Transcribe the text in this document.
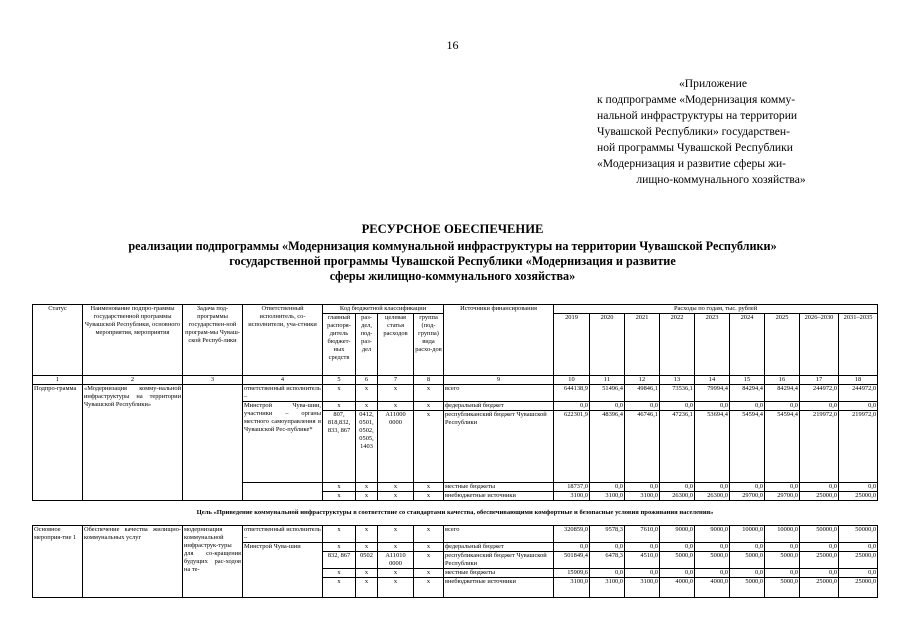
16
«Приложение
к подпрограмме «Модернизация комму-
нальной инфраструктуры на территории
Чувашской Республики» государствен-
ной программы Чувашской Республики
«Модернизация и развитие сферы жи-
лищно-коммунального хозяйства»
РЕСУРСНОЕ ОБЕСПЕЧЕНИЕ
реализации подпрограммы «Модернизация коммунальной инфраструктуры на территории Чувашской Республики»
государственной программы Чувашской Республики «Модернизация и развитие
сферы жилищно-коммунального хозяйства»
Статус	Наименование подпро-граммы государственной программы Чувашской Республики, основного мероприятия, мероприятия	Задача под-программы государствен-ной програм-мы Чуваш-ской Респуб-лики	Ответственный исполнитель, со-исполнители, уча-стники	Код бюджетной классификации				Источники финансирования	Расходы по годам, тыс. рублей								
				главный распоря-дитель бюджет-ных средств	раз-дел, под-раз-дел	целевая статья расходов	группа (под-группа) вида расхо-дов		2019	2020	2021	2022	2023	2024	2025	2026–2030	2031–2035
1	2	3	4	5	6	7	8	9	10	11	12	13	14	15	16	17	18
Подпро-грамма	«Модернизация комму-нальной инфраструктуры на территории Чувашской Республики»		ответственный исполнитель –	x	x	x	x	всего	644138,9	51496,4	49846,1	73536,1	79994,4	84294,4	84294,4	244972,0	244972,0
			Минстрой Чува-шии, участники – органы местного самоуправления в Чувашской Рес-публике*	x	x	x	x	федеральный бюджет	0,0	0,0	0,0	0,0	0,0	0,0	0,0	0,0	0,0
				807, 818,832, 833, 867	0412, 0501, 0502, 0505, 1403	A11000 0000	x	республиканский бюджет Чувашской Республики	622301,9	48396,4	46746,1	47236,1	53694,4	54594,4	54594,4	219972,0	219972,0
				x	x	x	x	местные бюджеты	18737,0	0,0	0,0	0,0	0,0	0,0	0,0	0,0	0,0
				x	x	x	x	внебюджетные источники	3100,0	3100,0	3100,0	26300,0	26300,0	29700,0	29700,0	25000,0	25000,0
Цель «Приведение коммунальной инфраструктуры в соответствие со стандартами качества, обеспечивающими комфортные и безопасные условия проживания населения»																	
Основное мероприя-тие 1	Обеспечение качества жилищно-коммунальных услуг	модернизация коммунальной инфраструк-туры для со-кращения будущих рас-ходов на те-	ответственный исполнитель –	x	x	x	x	всего	320859,0	9578,3	7610,0	9000,0	9000,0	10000,0	10000,0	50000,0	50000,0
			Минстрой Чува-шии	x	x	x	x	федеральный бюджет	0,0	0,0	0,0	0,0	0,0	0,0	0,0	0,0	0,0
				832, 867	0502	A11010 0000	x	республиканский бюджет Чувашской Республики	501849,4	6478,3	4510,0	5000,0	5000,0	5000,0	5000,0	25000,0	25000,0
				x	x	x	x	местные бюджеты	15909,6	0,0	0,0	0,0	0,0	0,0	0,0	0,0	0,0
				x	x	x	x	внебюджетные источники	3100,0	3100,0	3100,0	4000,0	4000,0	5000,0	5000,0	25000,0	25000,0
